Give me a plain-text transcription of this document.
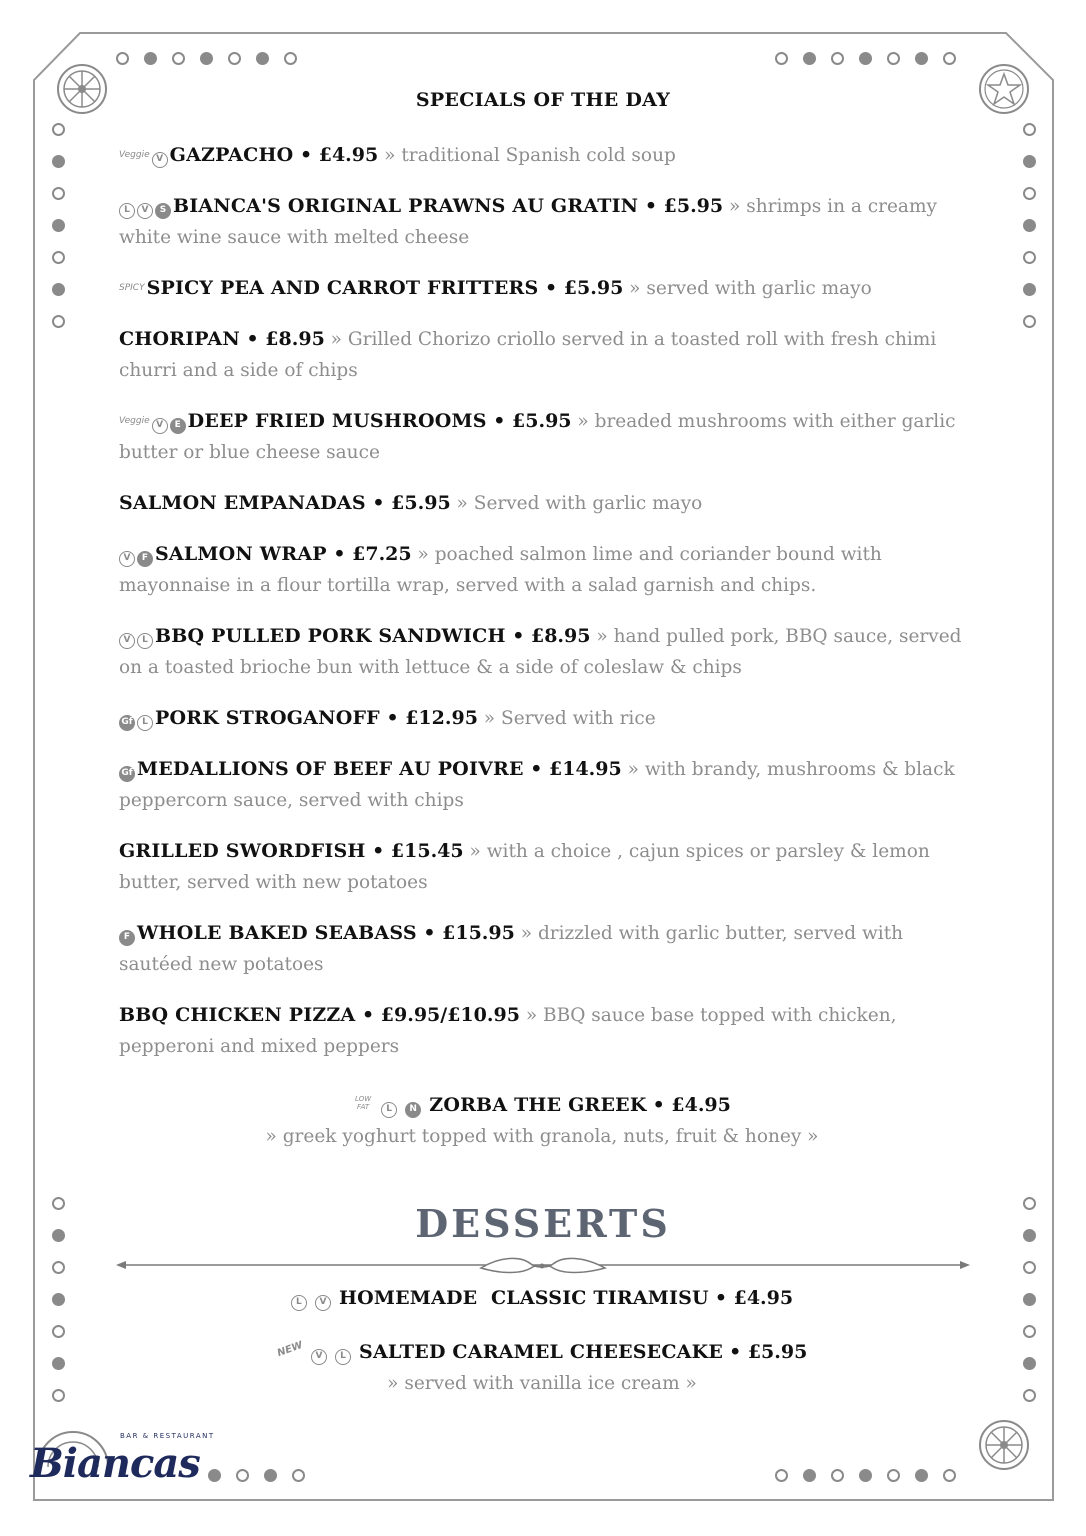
SPECIALS OF THE DAY
Veggie V GAZPACHO • £4.95 » traditional Spanish cold soup
L V S BIANCA'S ORIGINAL PRAWNS AU GRATIN • £5.95 » shrimps in a creamy white wine sauce with melted cheese
SPICY SPICY PEA AND CARROT FRITTERS • £5.95 » served with garlic mayo
CHORIPAN • £8.95 » Grilled Chorizo criollo served in a toasted roll with fresh chimi churri and a side of chips
Veggie V E DEEP FRIED MUSHROOMS • £5.95 » breaded mushrooms with either garlic butter or blue cheese sauce
SALMON EMPANADAS • £5.95 » Served with garlic mayo
V F SALMON WRAP • £7.25 » poached salmon lime and coriander bound with mayonnaise in a flour tortilla wrap, served with a salad garnish and chips.
V L BBQ PULLED PORK SANDWICH • £8.95 » hand pulled pork, BBQ sauce, served on a toasted brioche bun with lettuce & a side of coleslaw & chips
Gf L PORK STROGANOFF • £12.95 » Served with rice
Gf MEDALLIONS OF BEEF AU POIVRE • £14.95 » with brandy, mushrooms & black peppercorn sauce, served with chips
GRILLED SWORDFISH • £15.45 » with a choice , cajun spices or parsley & lemon butter, served with new potatoes
F WHOLE BAKED SEABASS • £15.95 » drizzled with garlic butter, served with sautéed new potatoes
BBQ CHICKEN PIZZA • £9.95/£10.95 » BBQ sauce base topped with chicken, pepperoni and mixed peppers
LOW FAT L N ZORBA THE GREEK • £4.95
» greek yoghurt topped with granola, nuts, fruit & honey »
DESSERTS
L V HOMEMADE  CLASSIC TIRAMISU • £4.95
NEW V L SALTED CARAMEL CHEESECAKE • £5.95
» served with vanilla ice cream »
BAR & RESTAURANT
Biancas
